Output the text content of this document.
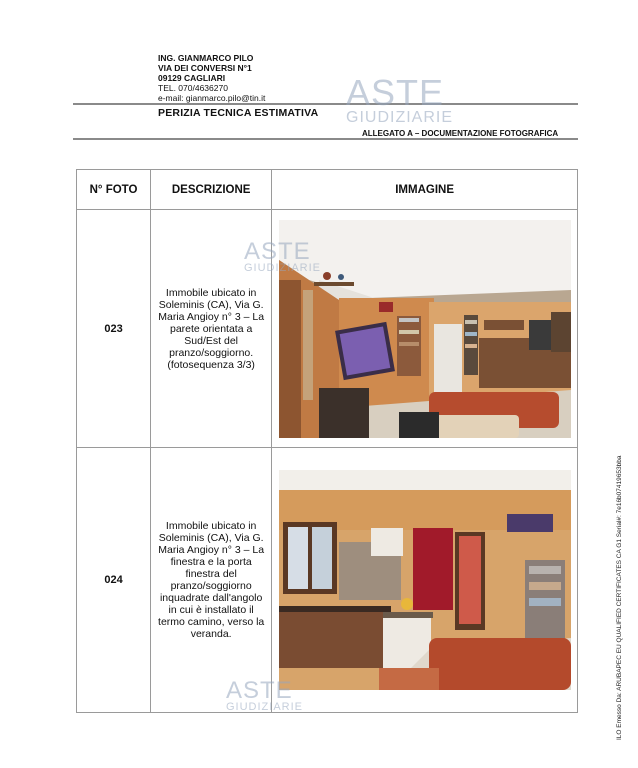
ING. GIANMARCO PILO
VIA DEI CONVERSI N°1
09129 CAGLIARI
TEL. 070/4636270
e-mail: gianmarco.pilo@tin.it
PERIZIA TECNICA ESTIMATIVA
ALLEGATO A – DOCUMENTAZIONE FOTOGRAFICA
ASTE
GIUDIZIARIE
N° FOTO	DESCRIZIONE	IMMAGINE
023	Immobile ubicato in Soleminis (CA), Via G. Maria Angioy n° 3 – La parete orientata a Sud/Est del pranzo/soggiorno. (fotosequenza 3/3)	

024	Immobile ubicato in Soleminis (CA), Via G. Maria Angioy n° 3 – La finestra e la porta finestra del pranzo/soggiorno inquadrate dall'angolo in cui è installato il termo camino, verso la veranda.	
ASTE
GIUDIZIARIE
ASTE
GIUDIZIARIE	ILO Emesso Da: ARUBAPEC EU QUALIFIED CERTIFICATES CA G1 Serial#: 7e16b07419653bba
